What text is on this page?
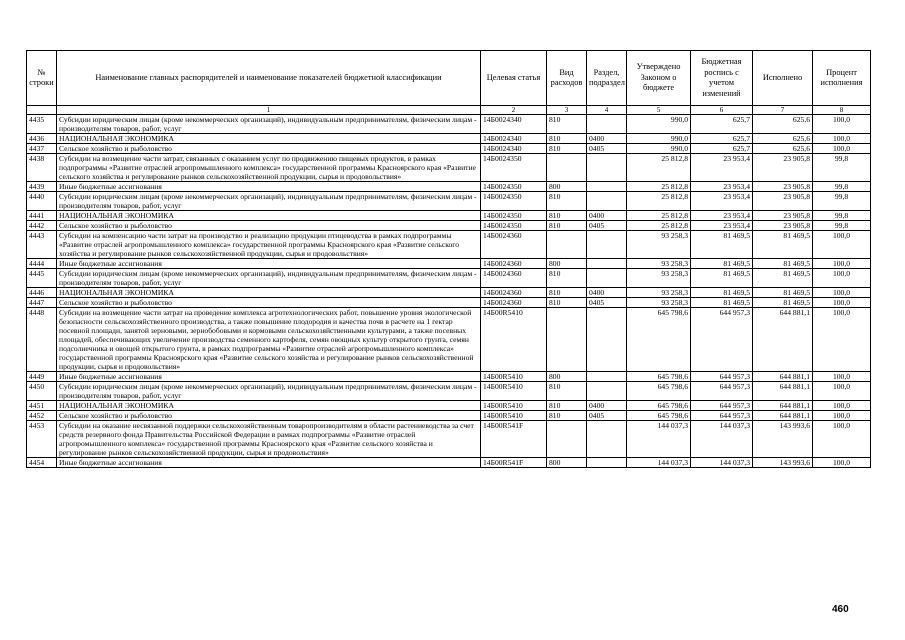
№ строки	Наименование главных распорядителей и наименование показателей бюджетной классификации	Целевая статья	Вид расходов	Раздел, подраздел	Утверждено Законом о бюджете	Бюджетная роспись с учетом изменений	Исполнено	Процент исполнения
	1	2	3	4	5	6	7	8
4435	Субсидии юридическим лицам (кроме некоммерческих организаций), индивидуальным предпринимателям, физическим лицам - производителям товаров, работ, услуг	14Б0024340	810		990,0	625,7	625,6	100,0
4436	НАЦИОНАЛЬНАЯ ЭКОНОМИКА	14Б0024340	810	0400	990,0	625,7	625,6	100,0
4437	Сельское хозяйство и рыболовство	14Б0024340	810	0405	990,0	625,7	625,6	100,0
4438	Субсидии на возмещение части затрат, связанных с оказанием услуг по продвижению пищевых продуктов, в рамках подпрограммы «Развитие отраслей агропромышленного комплекса» государственной программы Красноярского края «Развитие сельского хозяйства и регулирование рынков сельскохозяйственной продукции, сырья и продовольствия»	14Б0024350			25 812,8	23 953,4	23 905,8	99,8
4439	Иные бюджетные ассигнования	14Б0024350	800		25 812,8	23 953,4	23 905,8	99,8
4440	Субсидии юридическим лицам (кроме некоммерческих организаций), индивидуальным предпринимателям, физическим лицам - производителям товаров, работ, услуг	14Б0024350	810		25 812,8	23 953,4	23 905,8	99,8
4441	НАЦИОНАЛЬНАЯ ЭКОНОМИКА	14Б0024350	810	0400	25 812,8	23 953,4	23 905,8	99,8
4442	Сельское хозяйство и рыболовство	14Б0024350	810	0405	25 812,8	23 953,4	23 905,8	99,8
4443	Субсидии на компенсацию части затрат на производство и реализацию продукции птицеводства в рамках подпрограммы «Развитие отраслей агропромышленного комплекса» государственной программы Красноярского края «Развитие сельского хозяйства и регулирование рынков сельскохозяйственной продукции, сырья и продовольствия»	14Б0024360			93 258,3	81 469,5	81 469,5	100,0
4444	Иные бюджетные ассигнования	14Б0024360	800		93 258,3	81 469,5	81 469,5	100,0
4445	Субсидии юридическим лицам (кроме некоммерческих организаций), индивидуальным предпринимателям, физическим лицам - производителям товаров, работ, услуг	14Б0024360	810		93 258,3	81 469,5	81 469,5	100,0
4446	НАЦИОНАЛЬНАЯ ЭКОНОМИКА	14Б0024360	810	0400	93 258,3	81 469,5	81 469,5	100,0
4447	Сельское хозяйство и рыболовство	14Б0024360	810	0405	93 258,3	81 469,5	81 469,5	100,0
4448	Субсидии на возмещение части затрат на проведение комплекса агротехнологических работ, повышение уровня экологической безопасности сельскохозяйственного производства, а также повышение плодородия и качества почв в расчете на 1 гектар посевной площади, занятой зерновыми, зернобобовыми и кормовыми сельскохозяйственными культурами, а также посевных площадей, обеспечивающих увеличение производства семенного картофеля, семян овощных культур открытого грунта, семян подсолнечника и овощей открытого грунта, в рамках подпрограммы «Развитие отраслей агропромышленного комплекса» государственной программы Красноярского края «Развитие сельского хозяйства и регулирование рынков сельскохозяйственной продукции, сырья и продовольствия»	14Б00R5410			645 798,6	644 957,3	644 881,1	100,0
4449	Иные бюджетные ассигнования	14Б00R5410	800		645 798,6	644 957,3	644 881,1	100,0
4450	Субсидии юридическим лицам (кроме некоммерческих организаций), индивидуальным предпринимателям, физическим лицам - производителям товаров, работ, услуг	14Б00R5410	810		645 798,6	644 957,3	644 881,1	100,0
4451	НАЦИОНАЛЬНАЯ ЭКОНОМИКА	14Б00R5410	810	0400	645 798,6	644 957,3	644 881,1	100,0
4452	Сельское хозяйство и рыболовство	14Б00R5410	810	0405	645 798,6	644 957,3	644 881,1	100,0
4453	Субсидии на оказание несвязанной поддержки сельскохозяйственным товаропроизводителям в области растениеводства за счет средств резервного фонда Правительства Российской Федерации в рамках подпрограммы «Развитие отраслей агропромышленного комплекса» государственной программы Красноярского края «Развитие сельского хозяйства и регулирование рынков сельскохозяйственной продукции, сырья и продовольствия»	14Б00R541F			144 037,3	144 037,3	143 993,6	100,0
4454	Иные бюджетные ассигнования	14Б00R541F	800		144 037,3	144 037,3	143 993,6	100,0
460
